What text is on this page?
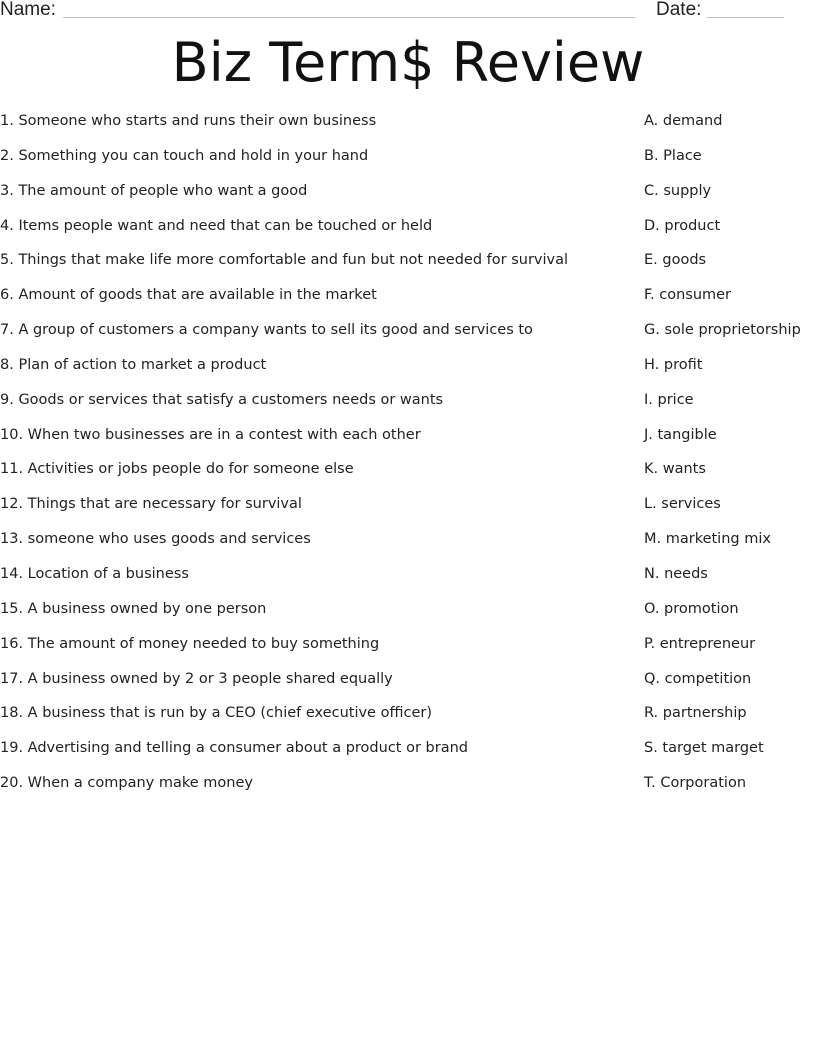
Name:	Date:
Biz Term$ Review
1. Someone who starts and runs their own business	A. demand
2. Something you can touch and hold in your hand	B. Place
3. The amount of people who want a good	C. supply
4. Items people want and need that can be touched or held	D. product
5. Things that make life more comfortable and fun but not needed for survival	E. goods
6. Amount of goods that are available in the market	F. consumer
7. A group of customers a company wants to sell its good and services to	G. sole proprietorship
8. Plan of action to market a product	H. profit
9. Goods or services that satisfy a customers needs or wants	I. price
10. When two businesses are in a contest with each other	J. tangible
11. Activities or jobs people do for someone else	K. wants
12. Things that are necessary for survival	L. services
13. someone who uses goods and services	M. marketing mix
14. Location of a business	N. needs
15. A business owned by one person	O. promotion
16. The amount of money needed to buy something	P. entrepreneur
17. A business owned by 2 or 3 people shared equally	Q. competition
18. A business that is run by a CEO (chief executive officer)	R. partnership
19. Advertising and telling a consumer about a product or brand	S. target marget
20. When a company make money	T. Corporation
